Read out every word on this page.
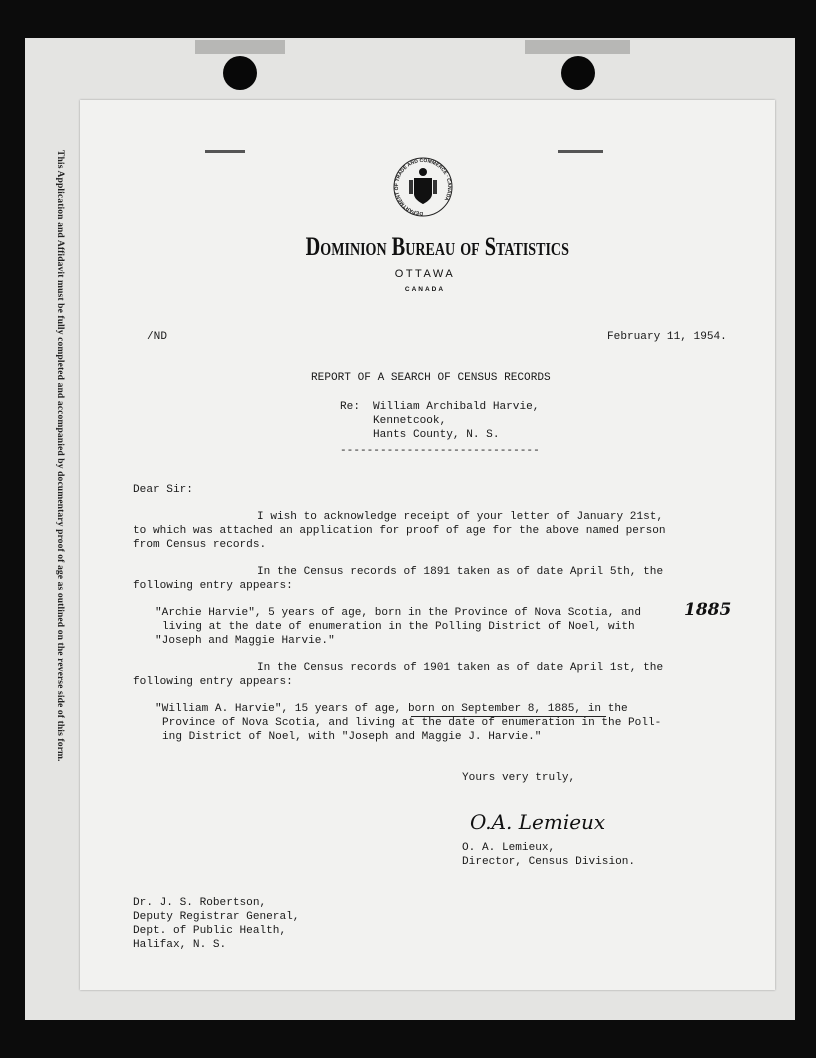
This Application and Affidavit must be fully completed and accompanied by documentary proof of age as outlined on the reverse side of this form.	DEPARTMENT OF TRADE AND COMMERCE · CANADA
Dominion Bureau of Statistics
OTTAWA
CANADA
/ND	February 11, 1954.
REPORT OF A SEARCH OF CENSUS RECORDS
Re: William Archibald Harvie,
Kennetcook,
Hants County, N. S.
------------------------------
Dear Sir:
I wish to acknowledge receipt of your letter of January 21st,
to which was attached an application for proof of age for the above named person
from Census records.
In the Census records of 1891 taken as of date April 5th, the
following entry appears:
"Archie Harvie", 5 years of age, born in the Province of Nova Scotia, and
living at the date of enumeration in the Polling District of Noel, with
"Joseph and Maggie Harvie."
1885
In the Census records of 1901 taken as of date April 1st, the
following entry appears:
"William A. Harvie", 15 years of age, born on September 8, 1885, in the
Province of Nova Scotia, and living at the date of enumeration in the Poll-
ing District of Noel, with "Joseph and Maggie J. Harvie."
Yours very truly,
O.A. Lemieux
O. A. Lemieux,
Director, Census Division.
Dr. J. S. Robertson,
Deputy Registrar General,
Dept. of Public Health,
Halifax, N. S.
